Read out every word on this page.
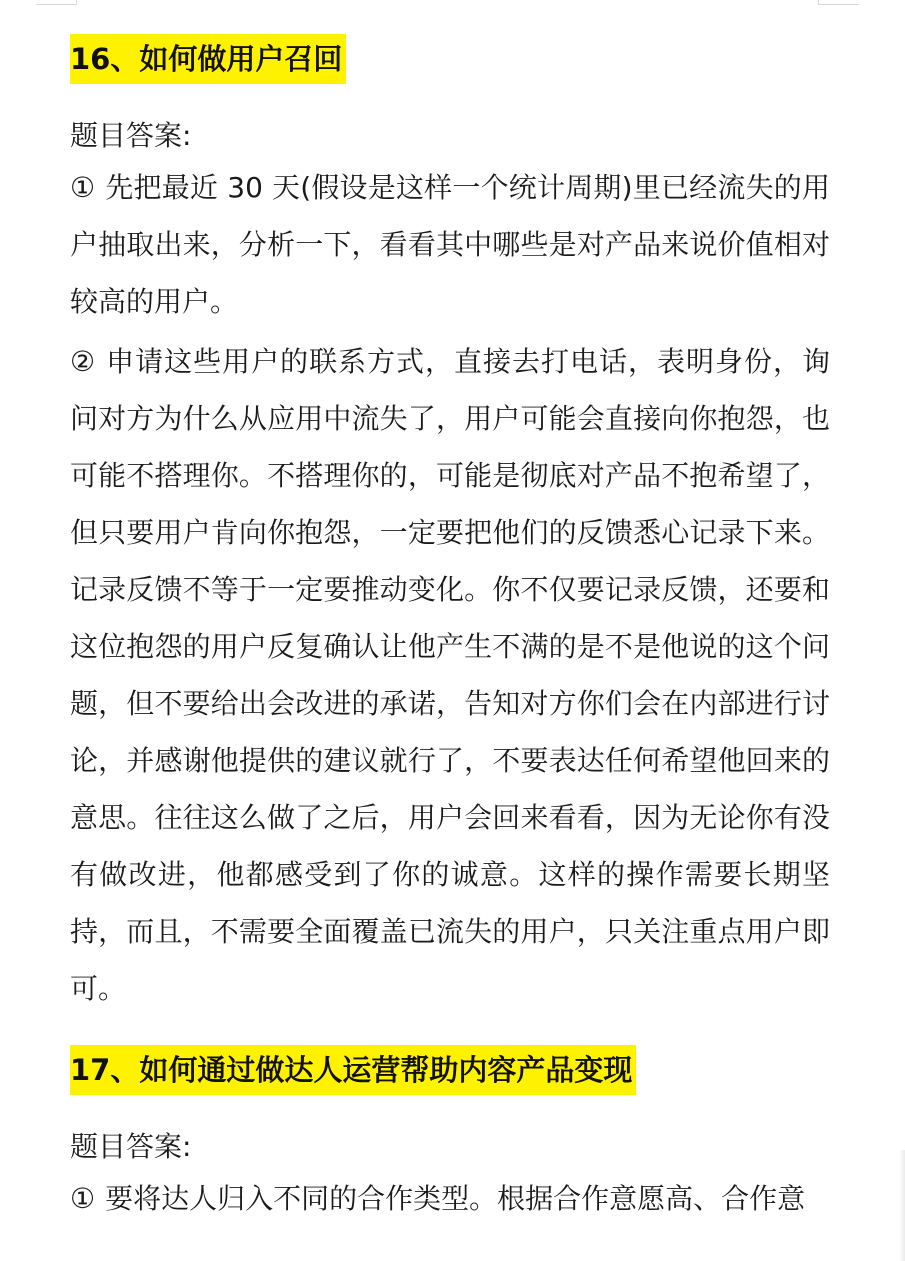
16、如何做用户召回

题目答案:

① 先把最近 30 天(假设是这样一个统计周期)里已经流失的用户抽取出来，分析一下，看看其中哪些是对产品来说价值相对较高的用户。

② 申请这些用户的联系方式，直接去打电话，表明身份，询问对方为什么从应用中流失了，用户可能会直接向你抱怨，也可能不搭理你。不搭理你的，可能是彻底对产品不抱希望了，但只要用户肯向你抱怨，一定要把他们的反馈悉心记录下来。记录反馈不等于一定要推动变化。你不仅要记录反馈，还要和这位抱怨的用户反复确认让他产生不满的是不是他说的这个问题，但不要给出会改进的承诺，告知对方你们会在内部进行讨论，并感谢他提供的建议就行了，不要表达任何希望他回来的意思。往往这么做了之后，用户会回来看看，因为无论你有没有做改进，他都感受到了你的诚意。这样的操作需要长期坚持，而且，不需要全面覆盖已流失的用户，只关注重点用户即可。

17、如何通过做达人运营帮助内容产品变现

题目答案:

① 要将达人归入不同的合作类型。根据合作意愿高、合作意
